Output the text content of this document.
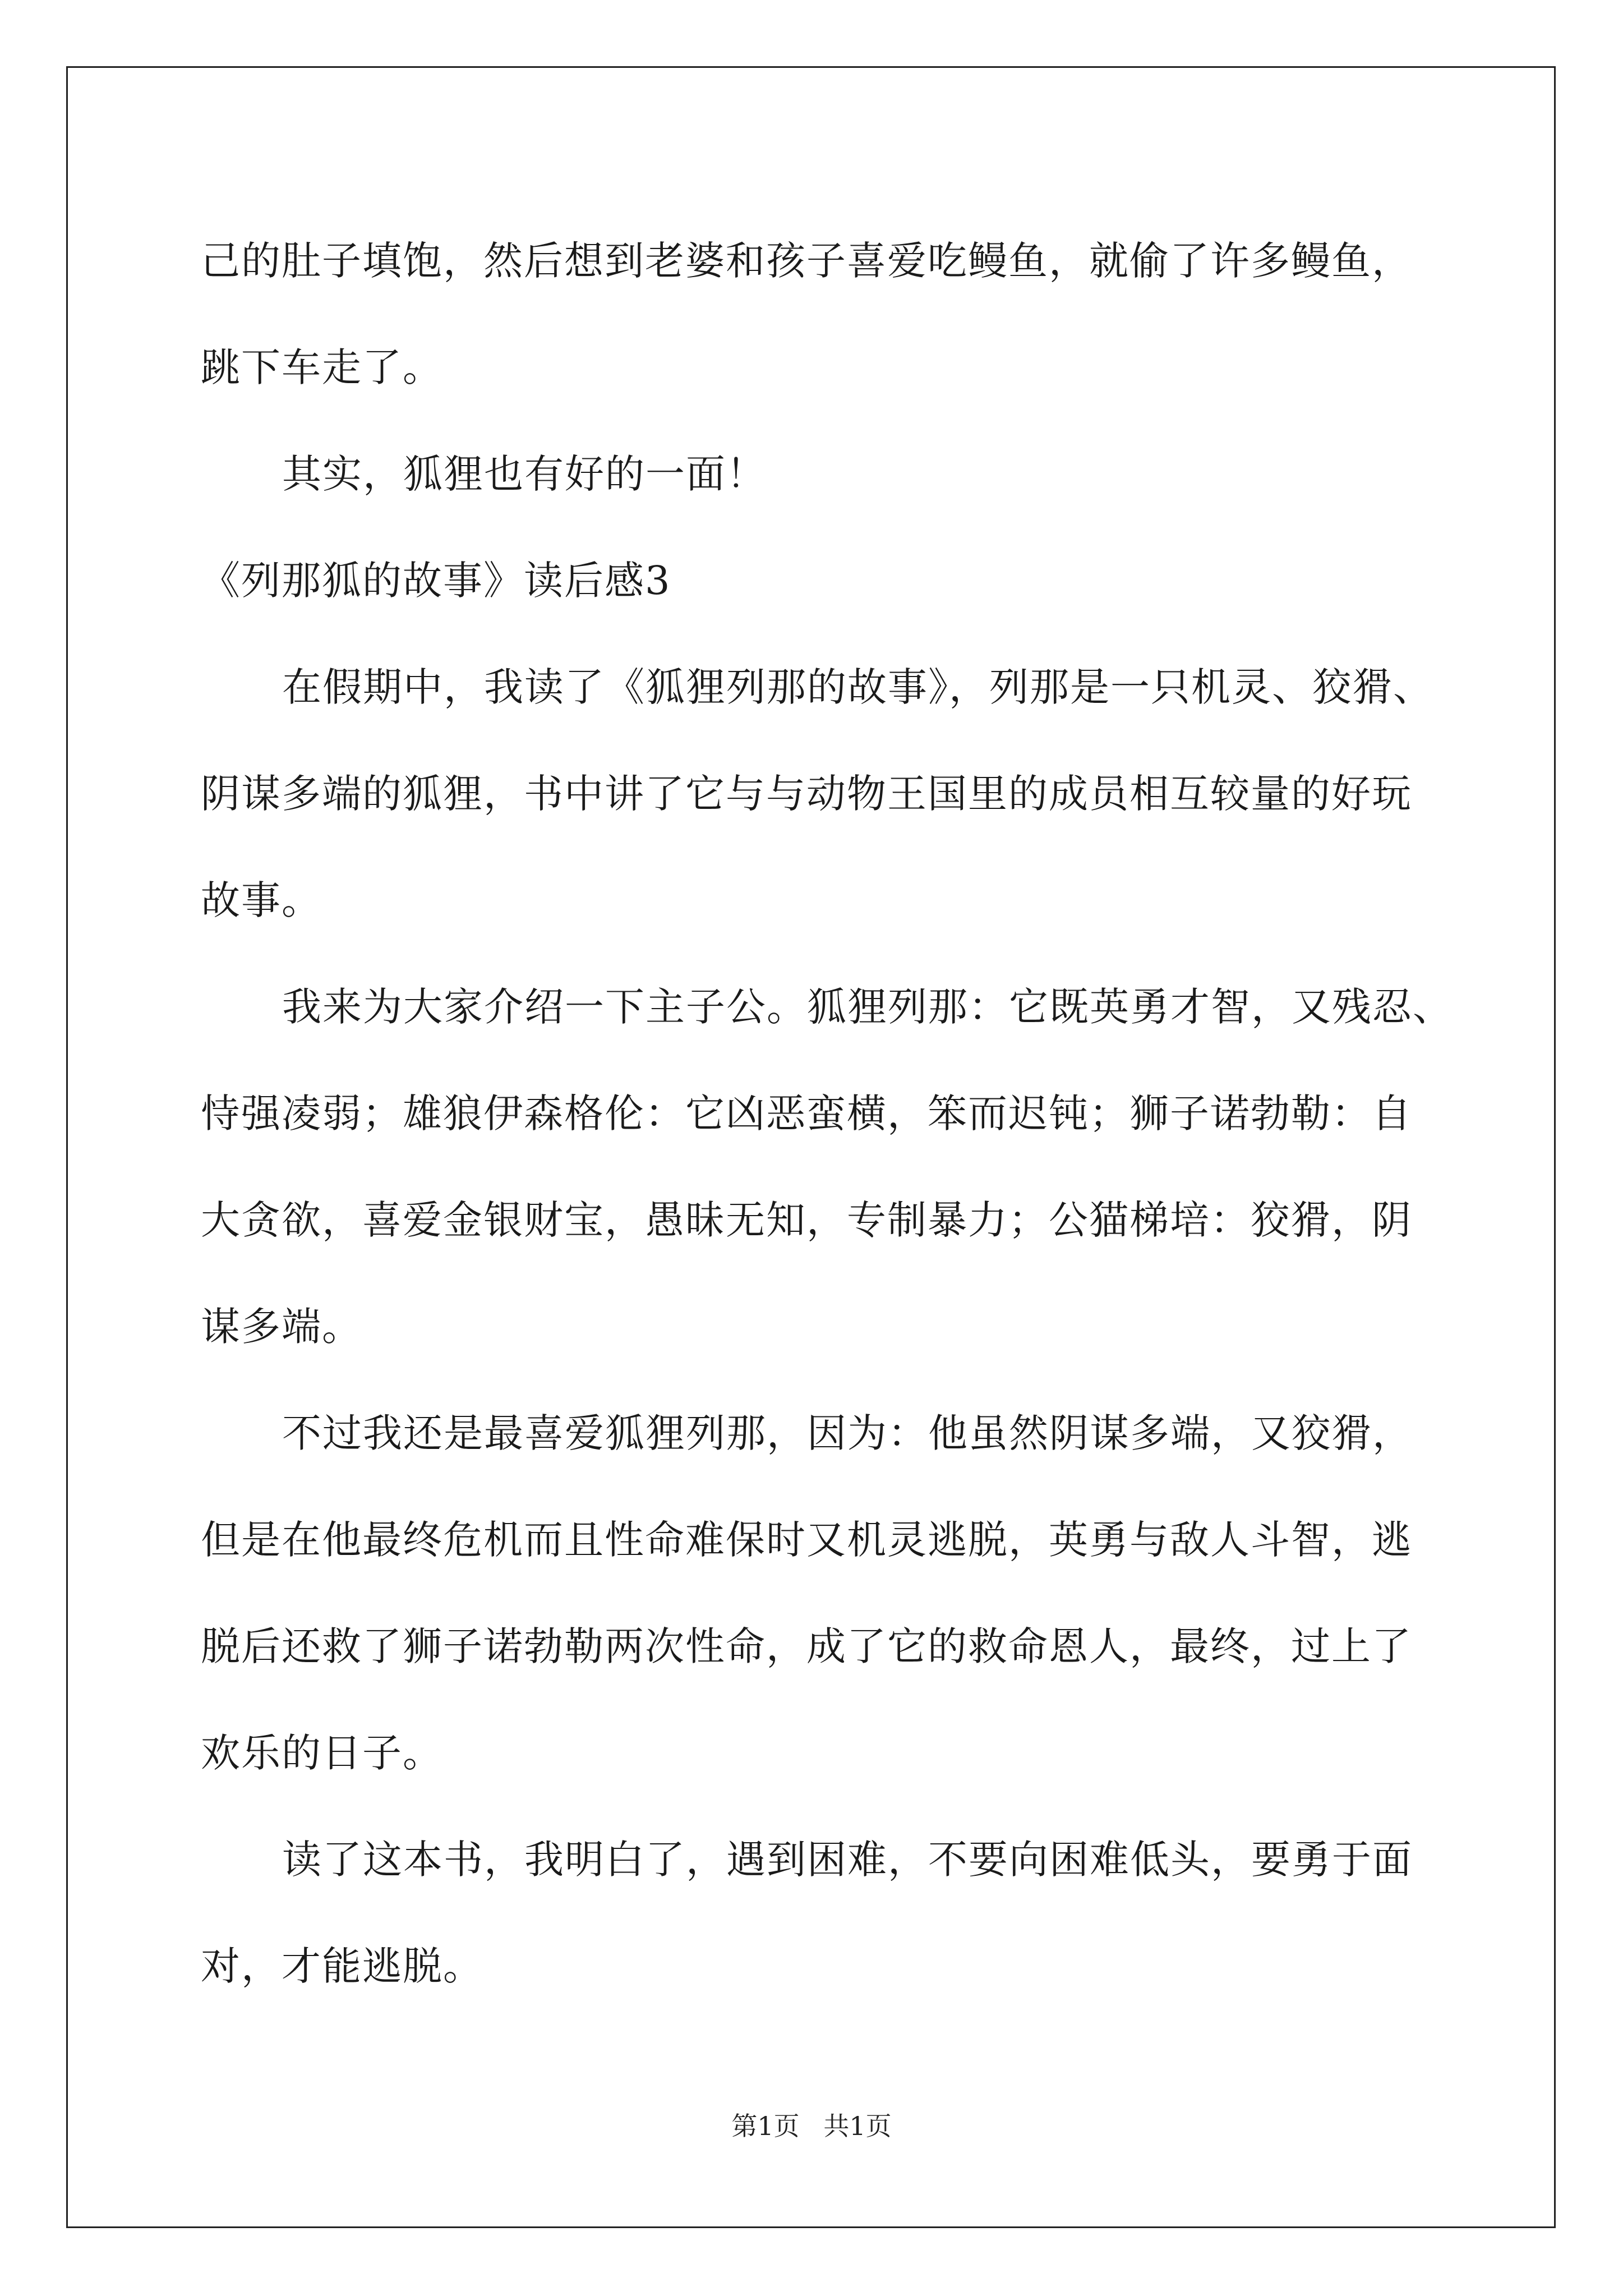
己的肚子填饱，然后想到老婆和孩子喜爱吃鳗鱼，就偷了许多鳗鱼，

跳下车走了。

其实，狐狸也有好的一面！

《列那狐的故事》读后感3

在假期中，我读了《狐狸列那的故事》，列那是一只机灵、狡猾、

阴谋多端的狐狸，书中讲了它与与动物王国里的成员相互较量的好玩

故事。

我来为大家介绍一下主子公。狐狸列那：它既英勇才智，又残忍、

恃强凌弱；雄狼伊森格伦：它凶恶蛮横，笨而迟钝；狮子诺勃勒：自

大贪欲，喜爱金银财宝，愚昧无知，专制暴力；公猫梯培：狡猾，阴

谋多端。

不过我还是最喜爱狐狸列那，因为：他虽然阴谋多端，又狡猾，

但是在他最终危机而且性命难保时又机灵逃脱，英勇与敌人斗智，逃

脱后还救了狮子诺勃勒两次性命，成了它的救命恩人，最终，过上了

欢乐的日子。

读了这本书，我明白了，遇到困难，不要向困难低头，要勇于面

对，才能逃脱。

第1页 共1页
